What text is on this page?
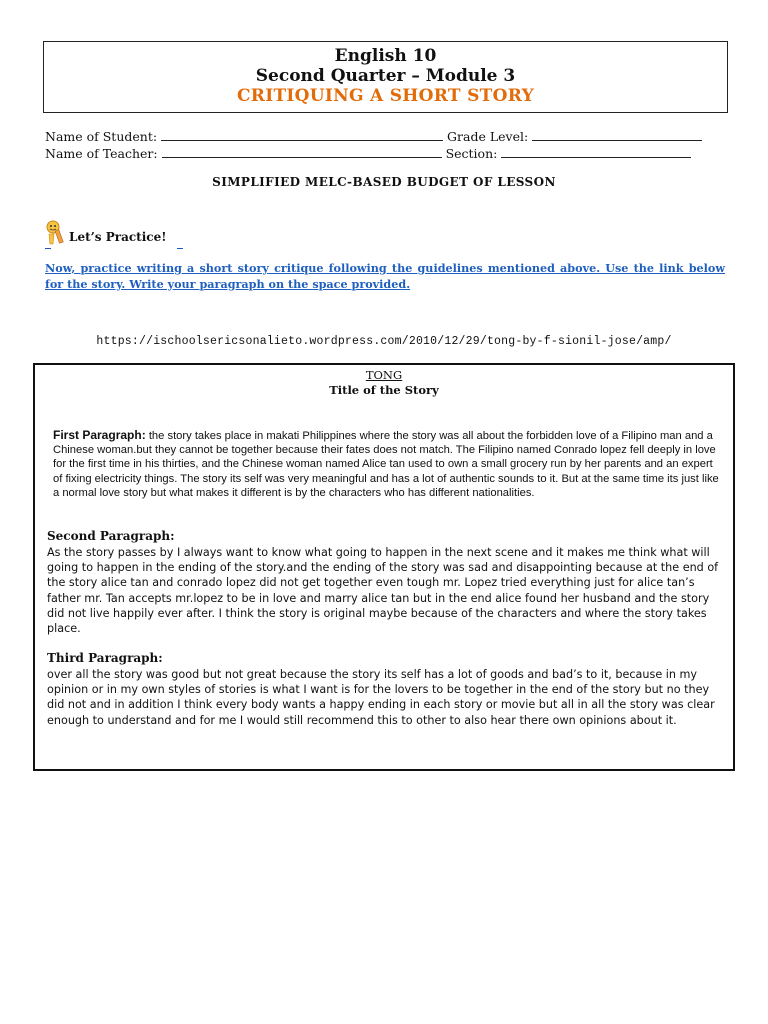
English 10
Second Quarter – Module 3
CRITIQUING A SHORT STORY
Name of Student:	Grade Level:
Name of Teacher:	Section:
SIMPLIFIED MELC-BASED BUDGET OF LESSON
Let’s Practice!
Now, practice writing a short story critique following the guidelines mentioned above. Use the link below for the story. Write your paragraph on the space provided.
https://ischoolsericsonalieto.wordpress.com/2010/12/29/tong-by-f-sionil-jose/amp/
TONG
Title of the Story
First Paragraph: the story takes place in makati Philippines where the story was all about the forbidden love of a Filipino man and a Chinese woman.but they cannot be together because their fates does not match. The Filipino named Conrado lopez fell deeply in love for the first time in his thirties, and the Chinese woman named Alice tan used to own a small grocery run by her parents and an expert of fixing electricity things. The story its self was very meaningful and has a lot of authentic sounds to it. But at the same time its just like a normal love story but what makes it different is by the characters who has different nationalities.
Second Paragraph:
As the story passes by I always want to know what going to happen in the next scene and it makes me think what will going to happen in the ending of the story.and the ending of the story was sad and disappointing because at the end of the story alice tan and conrado lopez did not get together even tough mr. Lopez tried everything just for alice tan’s father mr. Tan accepts mr.lopez to be in love and marry alice tan but in the end alice found her husband and the story did not live happily ever after. I think the story is original maybe because of the characters and where the story takes place.
Third Paragraph:
over all the story was good but not great because the story its self has a lot of goods and bad’s to it, because in my opinion or in my own styles of stories is what I want is for the lovers to be together in the end of the story but no they did not and in addition I think every body wants a happy ending in each story or movie but all in all the story was clear enough to understand and for me I would still recommend this to other to also hear there own opinions about it.
